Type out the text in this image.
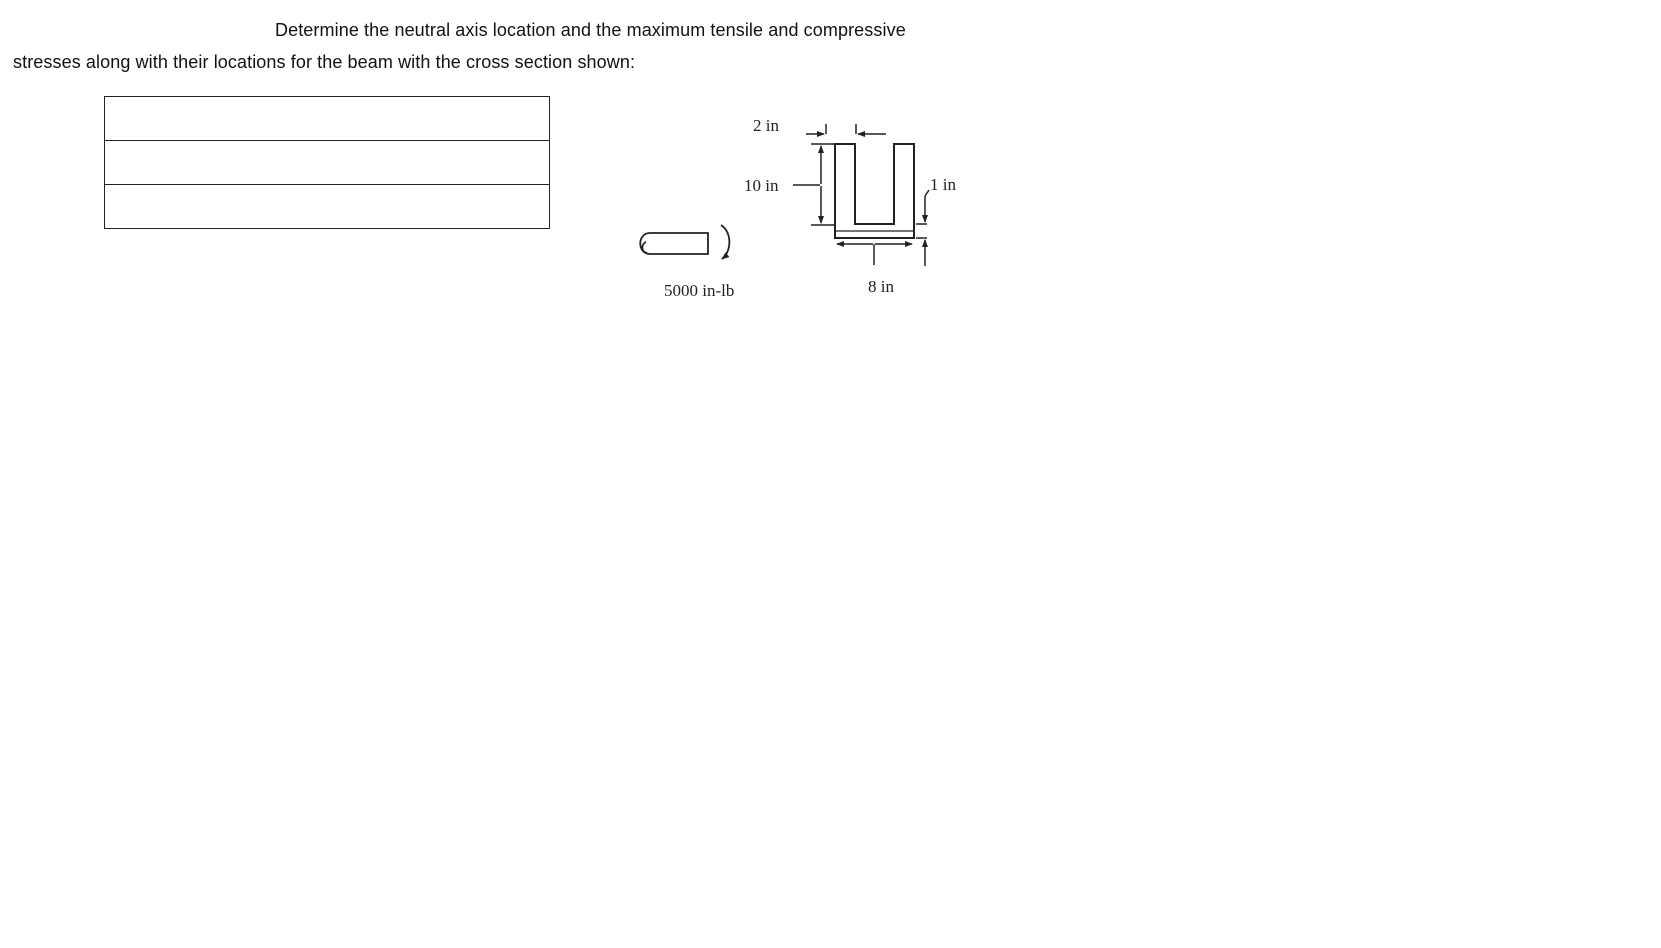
Determine the neutral axis location and the maximum tensile and compressive stresses along with their locations for the beam with the cross section shown:

5000 in-lb
2 in
10 in	1 in
8 in
